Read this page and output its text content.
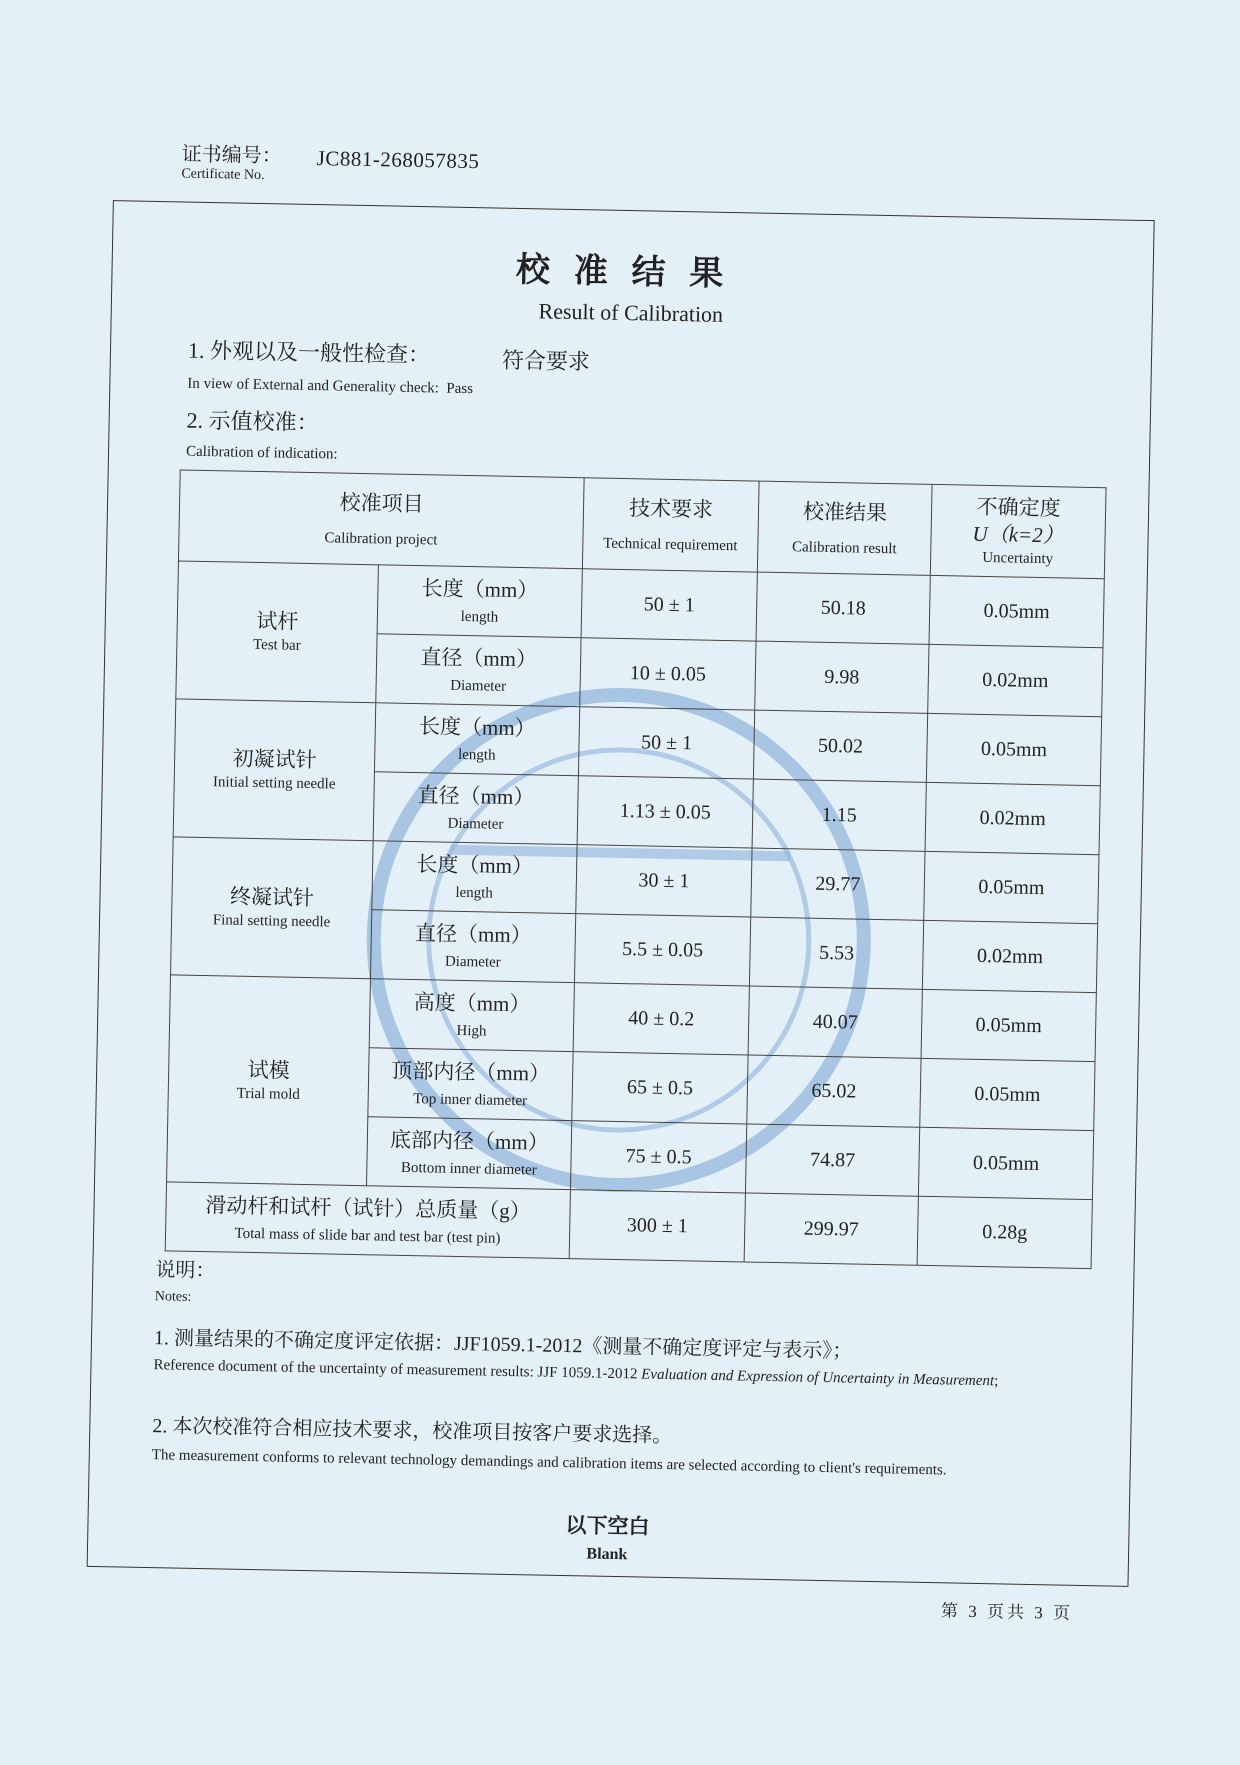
证书编号：
Certificate No.
JC881-268057835
校准结果
Result of Calibration
1. 外观以及一般性检查：	符合要求
In view of External and Generality check: Pass
2. 示值校准：
Calibration of indication:
校准项目
Calibration project		技术要求
Technical requirement	校准结果
Calibration result	不确定度
U（k=2）
Uncertainty

试杆
Test bar	长度（mm）
length	50 ± 1	50.18	0.05mm

	直径（mm）
Diameter	10 ± 0.05	9.98	0.02mm

初凝试针
Initial setting needle	长度（mm）
length	50 ± 1	50.02	0.05mm

	直径（mm）
Diameter	1.13 ± 0.05	1.15	0.02mm

终凝试针
Final setting needle	长度（mm）
length	30 ± 1	29.77	0.05mm

	直径（mm）
Diameter	5.5 ± 0.05	5.53	0.02mm

试模
Trial mold	高度（mm）
High	40 ± 0.2	40.07	0.05mm

	顶部内径（mm）
Top inner diameter	65 ± 0.5	65.02	0.05mm

	底部内径（mm）
Bottom inner diameter	75 ± 0.5	74.87	0.05mm

滑动杆和试杆（试针）总质量（g）
Total mass of slide bar and test bar (test pin)		300 ± 1	299.97	0.28g
说明：
Notes:
1. 测量结果的不确定度评定依据：JJF1059.1-2012《测量不确定度评定与表示》；
Reference document of the uncertainty of measurement results: JJF 1059.1-2012 Evaluation and Expression of Uncertainty in Measurement;
2. 本次校准符合相应技术要求，校准项目按客户要求选择。
The measurement conforms to relevant technology demandings and calibration items are selected according to client's requirements.
以下空白
Blank
第 3 页共 3 页
